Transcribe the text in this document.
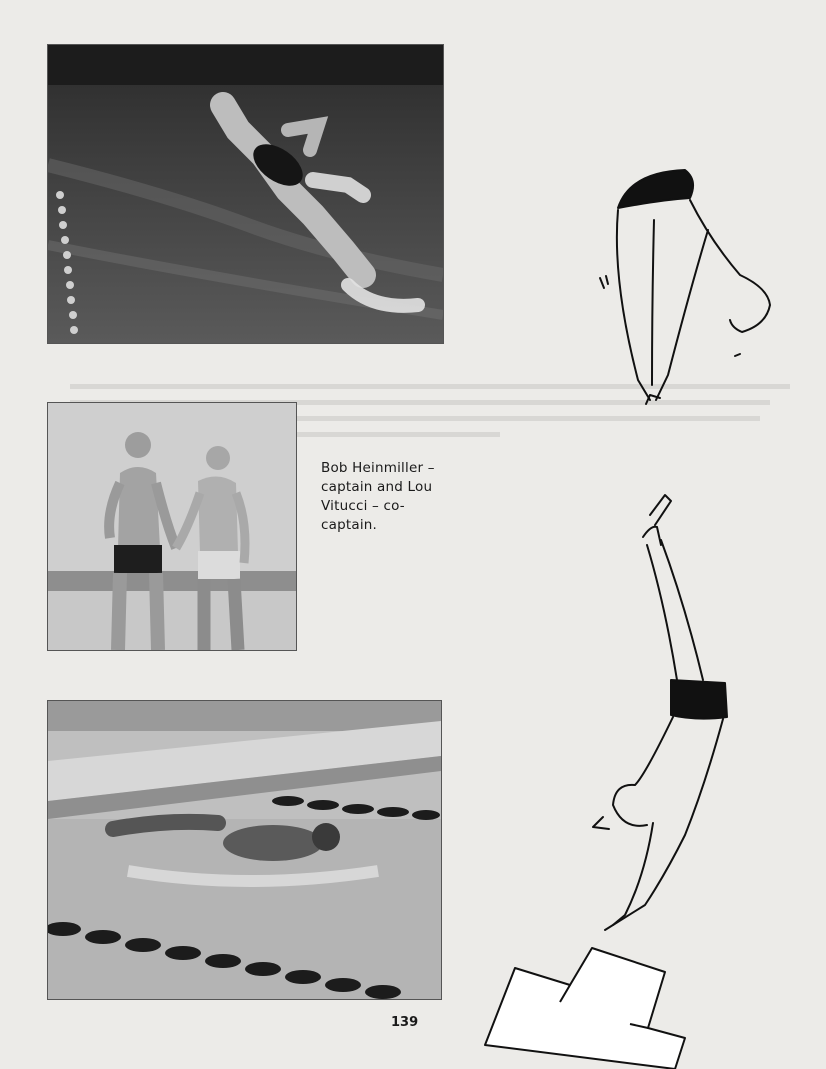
Bob Heinmiller –
captain and Lou
Vitucci – co-
captain.
139
